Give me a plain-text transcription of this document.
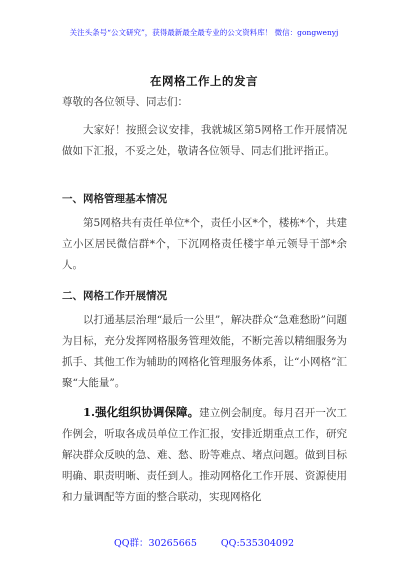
关注头条号“公文研究”，获得最新最全最专业的公文资料库！ 微信：gongwenyj
在网格工作上的发言
尊敬的各位领导、同志们：
大家好！按照会议安排，我就城区第5网格工作开展情况做如下汇报，不妥之处，敬请各位领导、同志们批评指正。
一、网格管理基本情况
第5网格共有责任单位*个，责任小区*个，楼栋*个，共建立小区居民微信群*个，下沉网格责任楼宇单元领导干部*余人。
二、网格工作开展情况
以打通基层治理“最后一公里”，解决群众“急难愁盼”问题为目标，充分发挥网格服务管理效能，不断完善以精细服务为抓手、其他工作为辅助的网格化管理服务体系，让“小网格”汇聚“大能量”。
1.强化组织协调保障。建立例会制度。每月召开一次工作例会，听取各成员单位工作汇报，安排近期重点工作，研究解决群众反映的急、难、愁、盼等难点、堵点问题。做到目标明确、职责明晰、责任到人。推动网格化工作开展、资源使用和力量调配等方面的整合联动，实现网格化
QQ群：30265665	QQ:535304092
